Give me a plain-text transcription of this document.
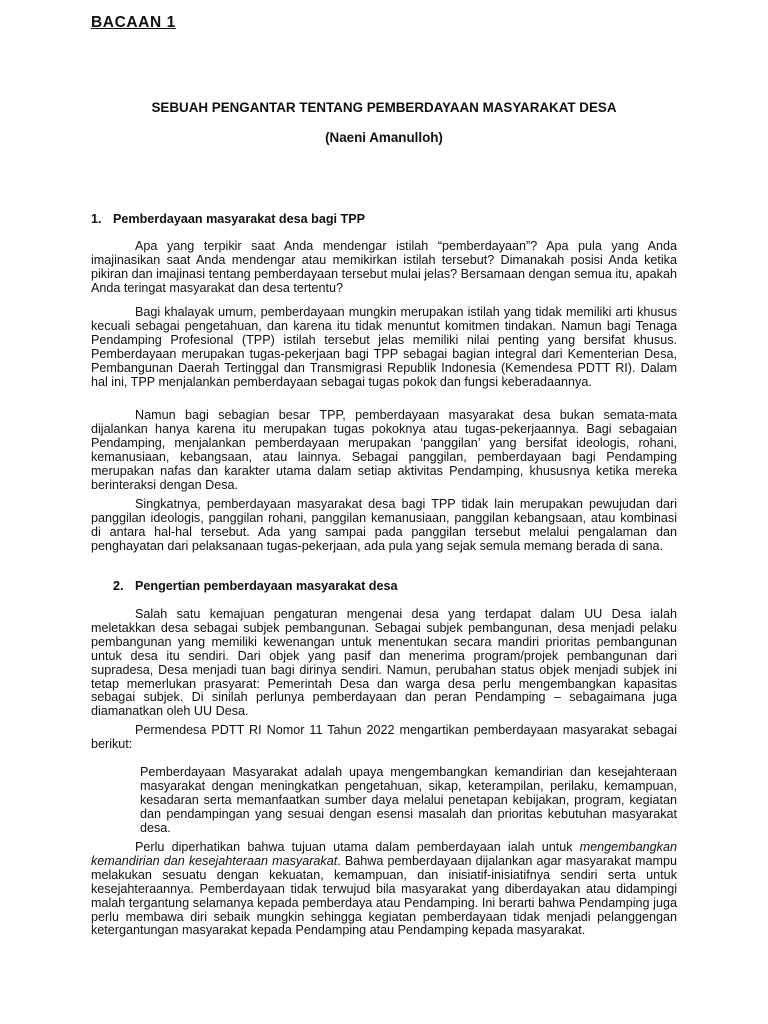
BACAAN 1
SEBUAH PENGANTAR TENTANG PEMBERDAYAAN MASYARAKAT DESA
(Naeni Amanulloh)
1. Pemberdayaan masyarakat desa bagi TPP

Apa yang terpikir saat Anda mendengar istilah “pemberdayaan”? Apa pula yang Anda imajinasikan saat Anda mendengar atau memikirkan istilah tersebut? Dimanakah posisi Anda ketika pikiran dan imajinasi tentang pemberdayaan tersebut mulai jelas? Bersamaan dengan semua itu, apakah Anda teringat masyarakat dan desa tertentu?

Bagi khalayak umum, pemberdayaan mungkin merupakan istilah yang tidak memiliki arti khusus kecuali sebagai pengetahuan, dan karena itu tidak menuntut komitmen tindakan. Namun bagi Tenaga Pendamping Profesional (TPP) istilah tersebut jelas memiliki nilai penting yang bersifat khusus. Pemberdayaan merupakan tugas-pekerjaan bagi TPP sebagai bagian integral dari Kementerian Desa, Pembangunan Daerah Tertinggal dan Transmigrasi Republik Indonesia (Kemendesa PDTT RI). Dalam hal ini, TPP menjalankan pemberdayaan sebagai tugas pokok dan fungsi keberadaannya.

Namun bagi sebagian besar TPP, pemberdayaan masyarakat desa bukan semata-mata dijalankan hanya karena itu merupakan tugas pokoknya atau tugas-pekerjaannya. Bagi sebagaian Pendamping, menjalankan pemberdayaan merupakan ‘panggilan’ yang bersifat ideologis, rohani, kemanusiaan, kebangsaan, atau lainnya. Sebagai panggilan, pemberdayaan bagi Pendamping merupakan nafas dan karakter utama dalam setiap aktivitas Pendamping, khususnya ketika mereka berinteraksi dengan Desa.

Singkatnya, pemberdayaan masyarakat desa bagi TPP tidak lain merupakan pewujudan dari panggilan ideologis, panggilan rohani, panggilan kemanusiaan, panggilan kebangsaan, atau kombinasi di antara hal-hal tersebut. Ada yang sampai pada panggilan tersebut melalui pengalaman dan penghayatan dari pelaksanaan tugas-pekerjaan, ada pula yang sejak semula memang berada di sana.

2. Pengertian pemberdayaan masyarakat desa

Salah satu kemajuan pengaturan mengenai desa yang terdapat dalam UU Desa ialah meletakkan desa sebagai subjek pembangunan. Sebagai subjek pembangunan, desa menjadi pelaku pembangunan yang memiliki kewenangan untuk menentukan secara mandiri prioritas pembangunan untuk desa itu sendiri. Dari objek yang pasif dan menerima program/projek pembangunan dari supradesa, Desa menjadi tuan bagi dirinya sendiri. Namun, perubahan status objek menjadi subjek ini tetap memerlukan prasyarat: Pemerintah Desa dan warga desa perlu mengembangkan kapasitas sebagai subjek. Di sinilah perlunya pemberdayaan dan peran Pendamping – sebagaimana juga diamanatkan oleh UU Desa.

Permendesa PDTT RI Nomor 11 Tahun 2022 mengartikan pemberdayaan masyarakat sebagai berikut:

Pemberdayaan Masyarakat adalah upaya mengembangkan kemandirian dan kesejahteraan masyarakat dengan meningkatkan pengetahuan, sikap, keterampilan, perilaku, kemampuan, kesadaran serta memanfaatkan sumber daya melalui penetapan kebijakan, program, kegiatan dan pendampingan yang sesuai dengan esensi masalah dan prioritas kebutuhan masyarakat desa.

Perlu diperhatikan bahwa tujuan utama dalam pemberdayaan ialah untuk mengembangkan kemandirian dan kesejahteraan masyarakat. Bahwa pemberdayaan dijalankan agar masyarakat mampu melakukan sesuatu dengan kekuatan, kemampuan, dan inisiatif-inisiatifnya sendiri serta untuk kesejahteraannya. Pemberdayaan tidak terwujud bila masyarakat yang diberdayakan atau didampingi malah tergantung selamanya kepada pemberdaya atau Pendamping. Ini berarti bahwa Pendamping juga perlu membawa diri sebaik mungkin sehingga kegiatan pemberdayaan tidak menjadi pelanggengan ketergantungan masyarakat kepada Pendamping atau Pendamping kepada masyarakat.
